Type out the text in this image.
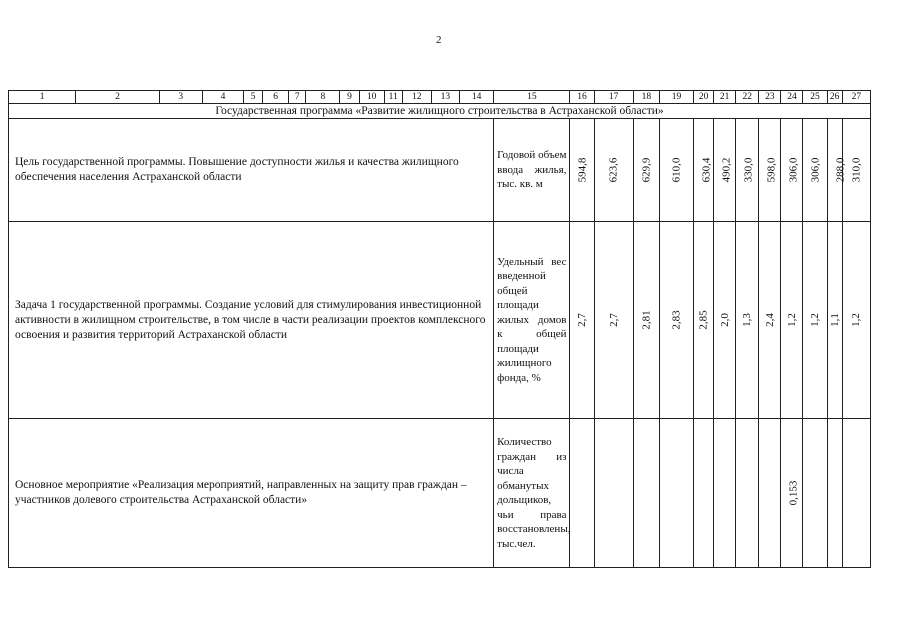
2
1	2	3	4	5	6	7	8	9	10	11	12	13	14	15	16	17	18	19	20	21	22	23	24	25	26	27
Государственная программа «Развитие жилищного строительства в Астраханской области»																										
Цель государственной программы. Повышение доступности жилья и качества жилищного обеспечения населения Астраханской области														Годовой объем ввода жилья, тыс. кв. м	594,8	623,6	629,9	610,0	630,4	490,2	330,0	598,0	306,0	306,0	288,0	310,0
Задача 1 государственной программы. Создание условий для стимулирования инвестиционной активности в жилищном строительстве, в том числе в части реализации проектов комплексного освоения и развития территорий Астраханской области														Удельный вес введенной общей площади жилых домов к общей площади жилищного фонда, %	2,7	2,7	2,81	2,83	2,85	2,0	1,3	2,4	1,2	1,2	1,1	1,2
Основное мероприятие «Реализация мероприятий, направленных на защиту прав граждан – участников долевого строительства Астраханской области»														Количество граждан из числа обманутых дольщиков, чьи права восстановлены, тыс.чел.									0,153			
